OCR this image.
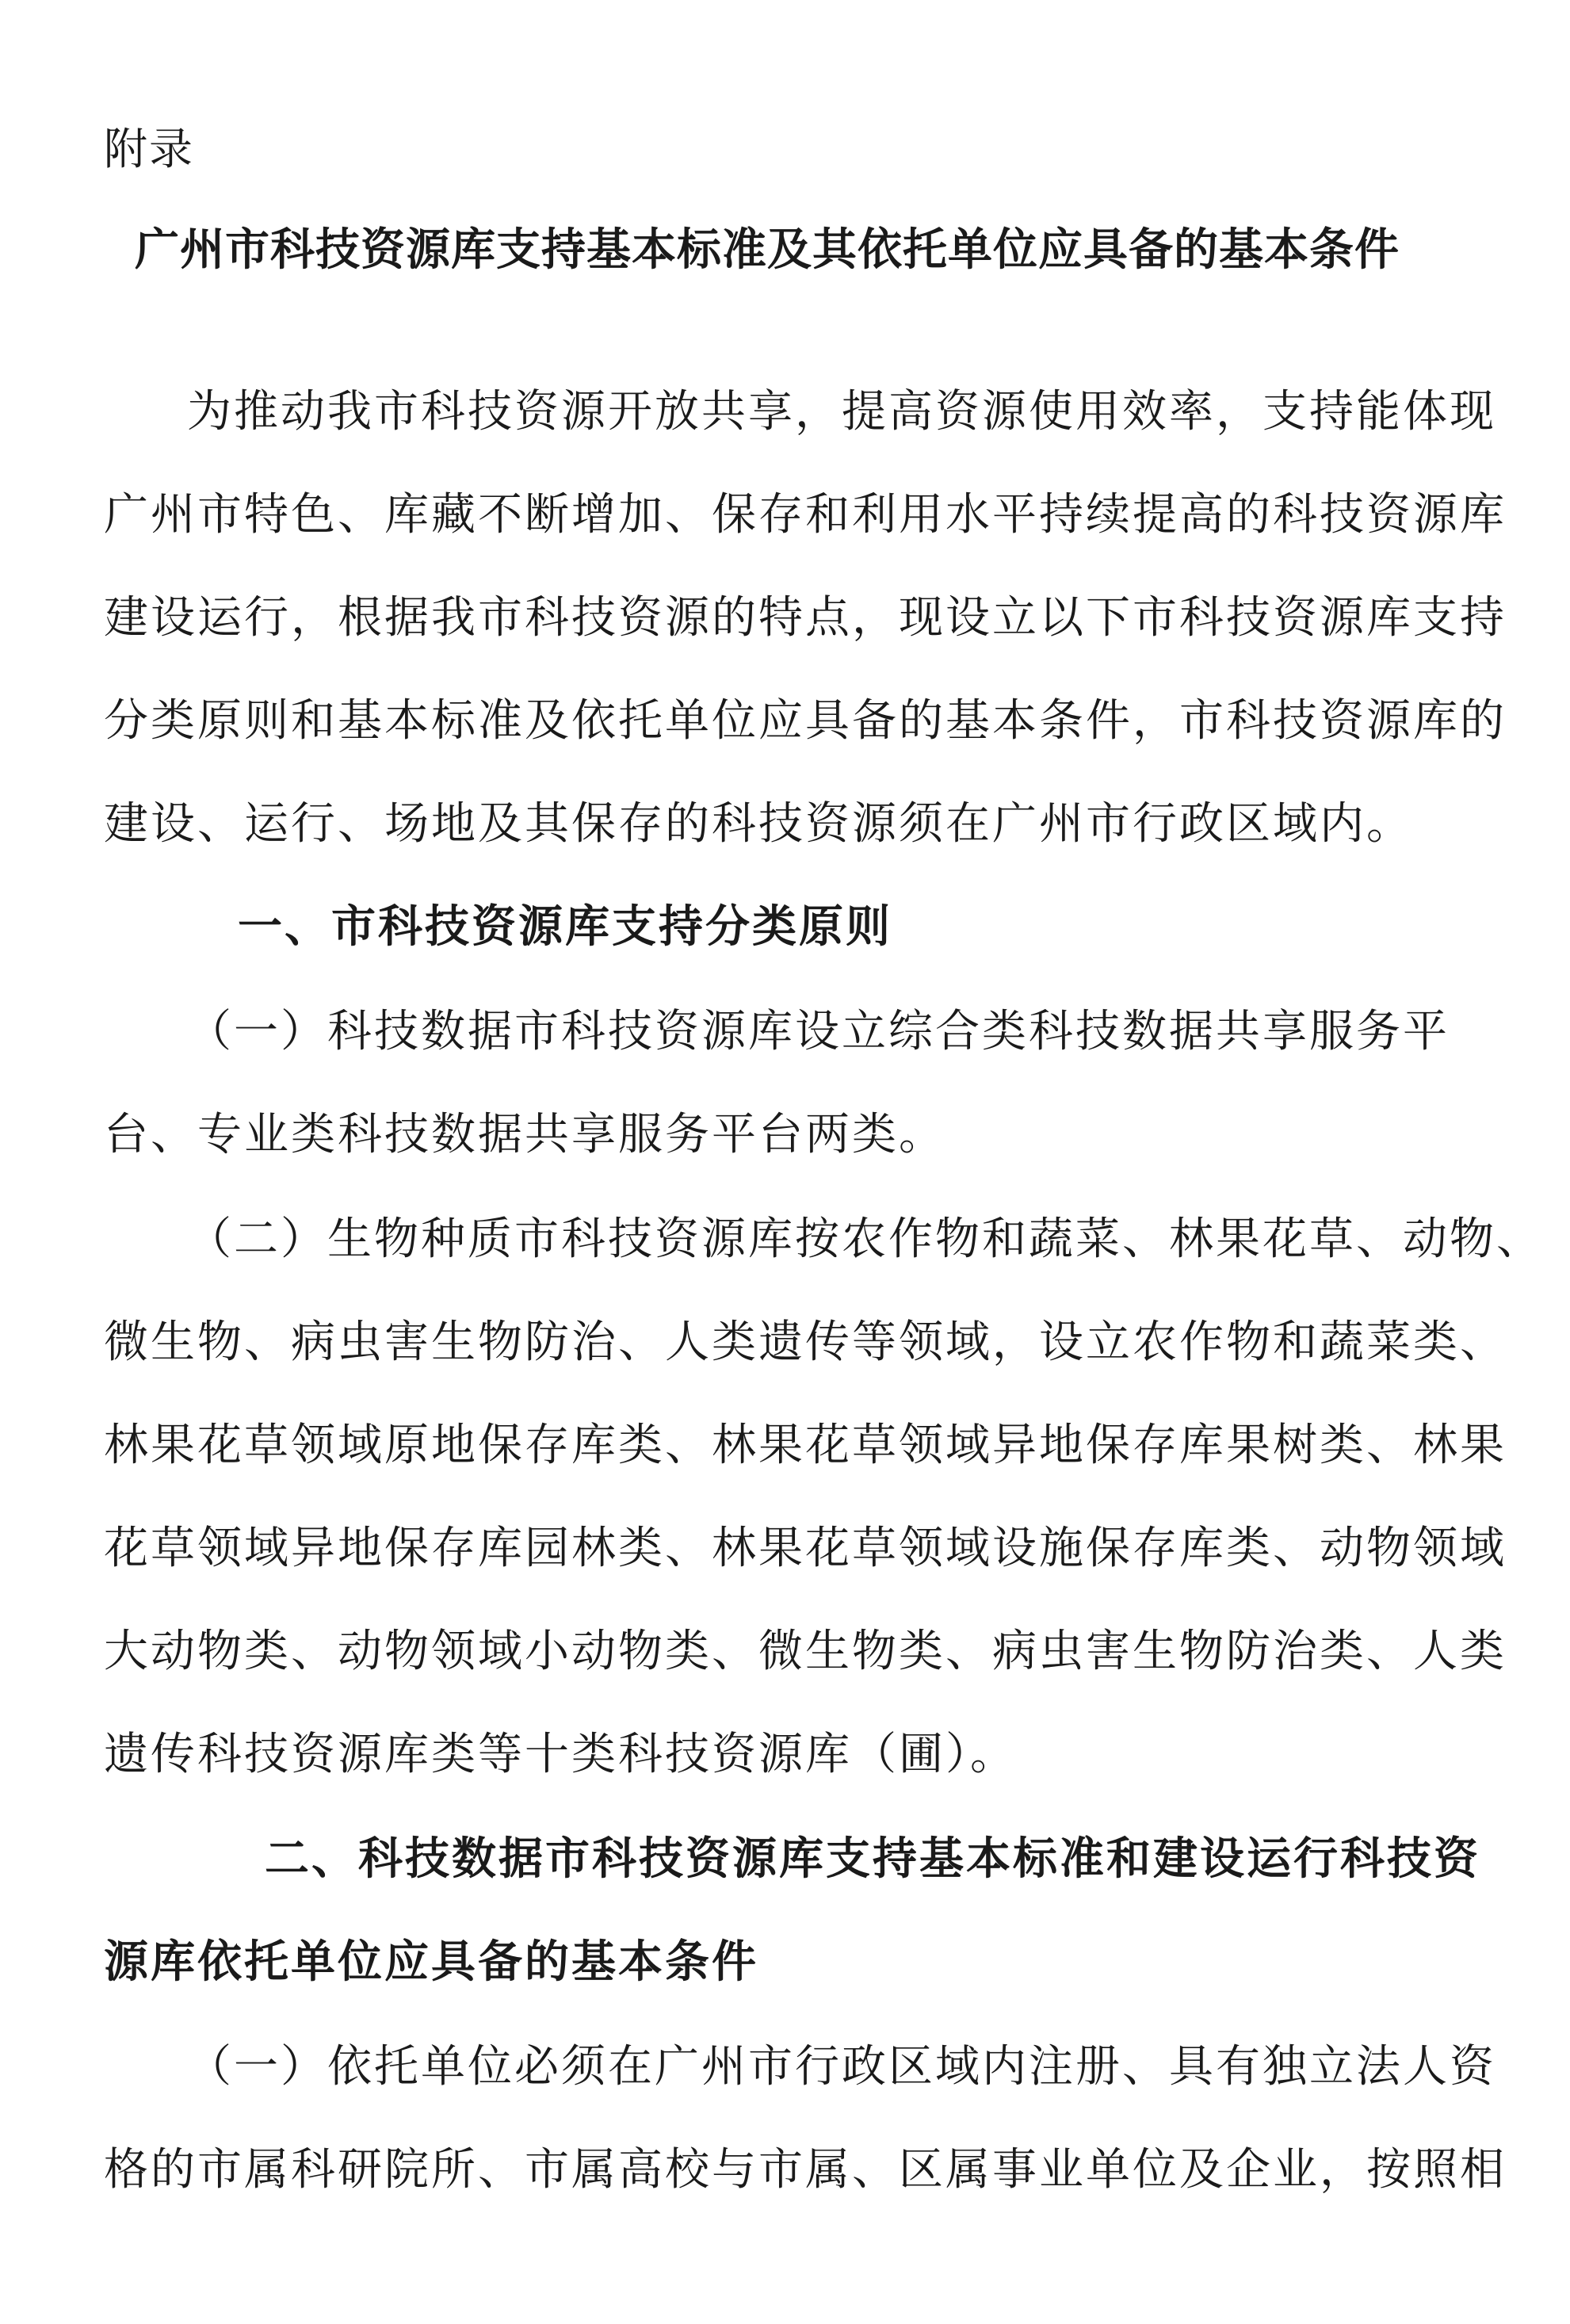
附录

广州市科技资源库支持基本标准及其依托单位应具备的基本条件

为推动我市科技资源开放共享，提高资源使用效率，支持能体现

广州市特色、库藏不断增加、保存和利用水平持续提高的科技资源库

建设运行，根据我市科技资源的特点，现设立以下市科技资源库支持

分类原则和基本标准及依托单位应具备的基本条件，市科技资源库的

建设、运行、场地及其保存的科技资源须在广州市行政区域内。

一、市科技资源库支持分类原则

（一）科技数据市科技资源库设立综合类科技数据共享服务平

台、专业类科技数据共享服务平台两类。

（二）生物种质市科技资源库按农作物和蔬菜、林果花草、动物、

微生物、病虫害生物防治、人类遗传等领域，设立农作物和蔬菜类、

林果花草领域原地保存库类、林果花草领域异地保存库果树类、林果

花草领域异地保存库园林类、林果花草领域设施保存库类、动物领域

大动物类、动物领域小动物类、微生物类、病虫害生物防治类、人类

遗传科技资源库类等十类科技资源库（圃）。

二、科技数据市科技资源库支持基本标准和建设运行科技资
源库依托单位应具备的基本条件

（一）依托单位必须在广州市行政区域内注册、具有独立法人资

格的市属科研院所、市属高校与市属、区属事业单位及企业，按照相
